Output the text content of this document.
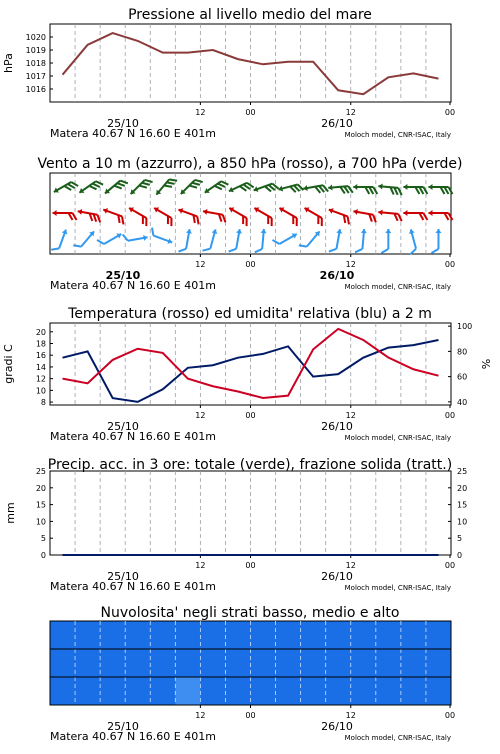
12	00	12	00
25/10	26/10
Matera 40.67 N 16.60 E 401m	Moloch model, CNR-ISAC, Italy
Pressione al livello medio del mare
1016
1017
1018
1019
1020
hPa
12	00	12	00
25/10	26/10
Matera 40.67 N 16.60 E 401m	Moloch model, CNR-ISAC, Italy
Vento a 10 m (azzurro), a 850 hPa (rosso), a 700 hPa (verde)
12	00	12	00
25/10	26/10
Matera 40.67 N 16.60 E 401m	Moloch model, CNR-ISAC, Italy
Temperatura (rosso) ed umidita' relativa (blu) a 2 m
8
10
12
14
16
18
20
40
60
80
100
gradi C	%
12	00	12	00
25/10	26/10
Matera 40.67 N 16.60 E 401m	Moloch model, CNR-ISAC, Italy
Precip. acc. in 3 ore: totale (verde), frazione solida (tratt.)
0
5
10
15
20
25
0
5
10
15
20
25
mm
12	00	12	00
25/10	26/10
Matera 40.67 N 16.60 E 401m	Moloch model, CNR-ISAC, Italy
Nuvolosita' negli strati basso, medio e alto
